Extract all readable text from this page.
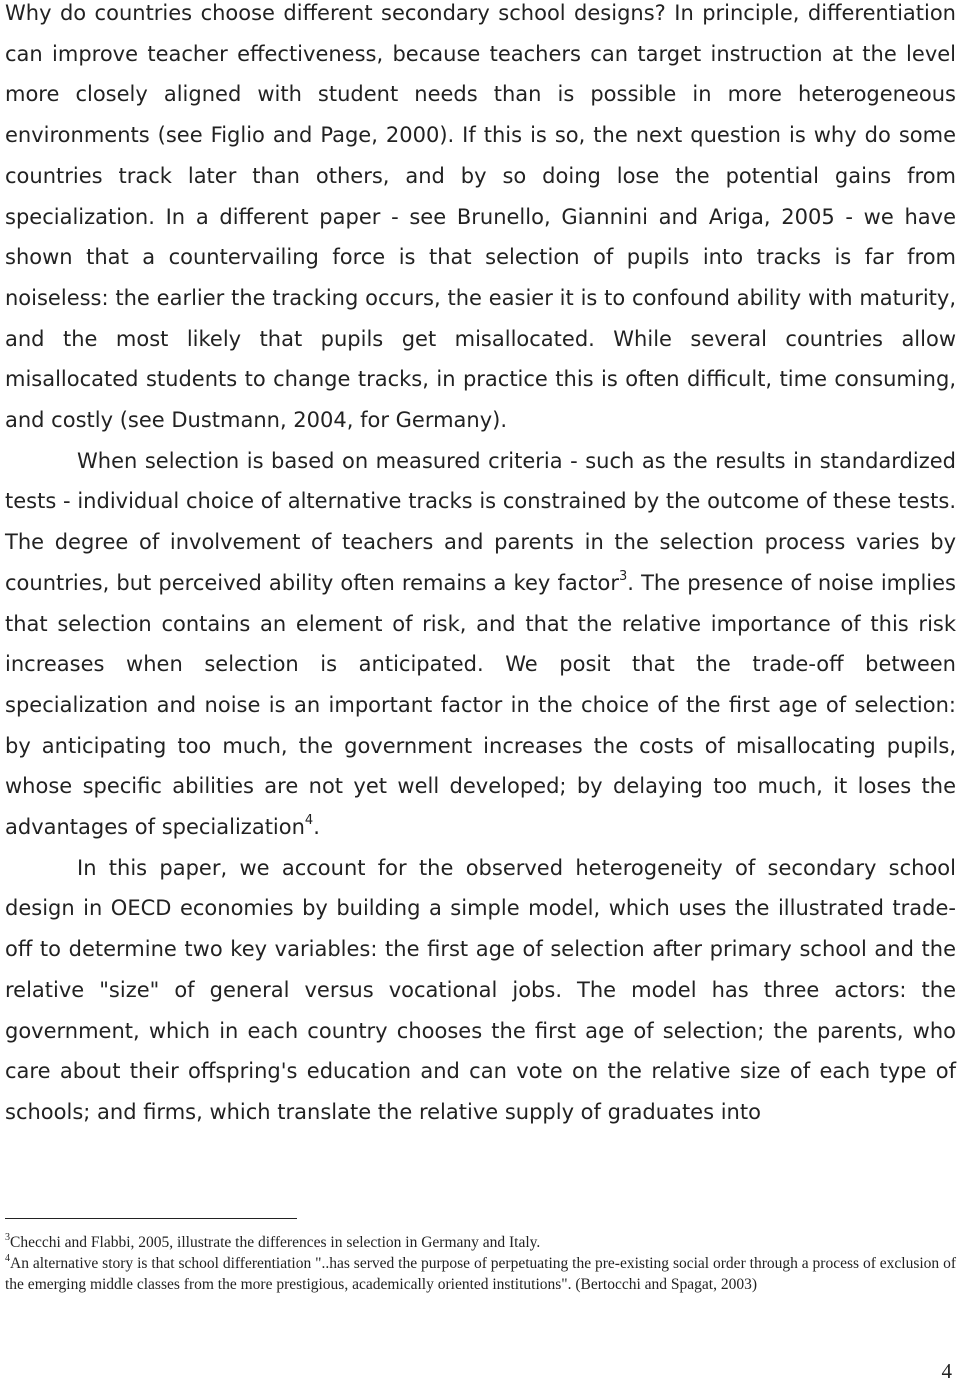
Why do countries choose different secondary school designs? In principle, differentiation can improve teacher effectiveness, because teachers can target instruction at the level more closely aligned with student needs than is possible in more heterogeneous environments (see Figlio and Page, 2000). If this is so, the next question is why do some countries track later than others, and by so doing lose the potential gains from specialization. In a different paper - see Brunello, Giannini and Ariga, 2005 - we have shown that a countervailing force is that selection of pupils into tracks is far from noiseless: the earlier the tracking occurs, the easier it is to confound ability with maturity, and the most likely that pupils get misallocated. While several countries allow misallocated students to change tracks, in practice this is often difficult, time consuming, and costly (see Dustmann, 2004, for Germany).

When selection is based on measured criteria - such as the results in standardized tests - individual choice of alternative tracks is constrained by the outcome of these tests. The degree of involvement of teachers and parents in the selection process varies by countries, but perceived ability often remains a key factor$^3$. The presence of noise implies that selection contains an element of risk, and that the relative importance of this risk increases when selection is anticipated. We posit that the trade-off between specialization and noise is an important factor in the choice of the first age of selection: by anticipating too much, the government increases the costs of misallocating pupils, whose specific abilities are not yet well developed; by delaying too much, it loses the advantages of specialization$^4$.

In this paper, we account for the observed heterogeneity of secondary school design in OECD economies by building a simple model, which uses the illustrated trade-off to determine two key variables: the first age of selection after primary school and the relative "size" of general versus vocational jobs. The model has three actors: the government, which in each country chooses the first age of selection; the parents, who care about their offspring's education and can vote on the relative size of each type of schools; and firms, which translate the relative supply of graduates into

$^3$Checchi and Flabbi, 2005, illustrate the differences in selection in Germany and Italy.

$^4$An alternative story is that school differentiation "..has served the purpose of perpetuating the pre-existing social order through a process of exclusion of the emerging middle classes from the more prestigious, academically oriented institutions". (Bertocchi and Spagat, 2003)

4
